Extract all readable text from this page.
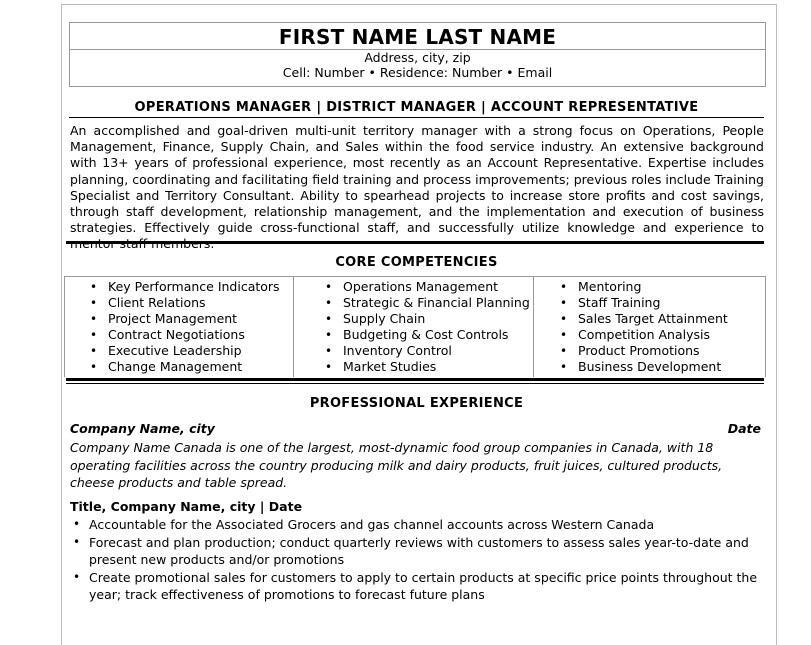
FIRST NAME LAST NAME
Address, city, zip
Cell: Number • Residence: Number • Email
OPERATIONS MANAGER | DISTRICT MANAGER | ACCOUNT REPRESENTATIVE

An accomplished and goal-driven multi-unit territory manager with a strong focus on Operations, People Management, Finance, Supply Chain, and Sales within the food service industry. An extensive background with 13+ years of professional experience, most recently as an Account Representative. Expertise includes planning, coordinating and facilitating field training and process improvements; previous roles include Training Specialist and Territory Consultant. Ability to spearhead projects to increase store profits and cost savings, through staff development, relationship management, and the implementation and execution of business strategies. Effectively guide cross-functional staff, and successfully utilize knowledge and experience to

CORE COMPETENCIES
• Key Performance Indicators
• Client Relations
• Project Management
• Contract Negotiations
• Executive Leadership
• Change Management
• Operations Management
• Strategic & Financial Planning
• Supply Chain
• Budgeting & Cost Controls
• Inventory Control
• Market Studies
• Mentoring
• Staff Training
• Sales Target Attainment
• Competition Analysis
• Product Promotions
• Business Development
PROFESSIONAL EXPERIENCE
Company Name, city	Date

Company Name Canada is one of the largest, most-dynamic food group companies in Canada, with 18 operating facilities across the country producing milk and dairy products, fruit juices, cultured products, cheese products and table spread.

Title, Company Name, city | Date
• Accountable for the Associated Grocers and gas channel accounts across Western Canada
• Forecast and plan production; conduct quarterly reviews with customers to assess sales year-to-date and present new products and/or promotions
• Create promotional sales for customers to apply to certain products at specific price points throughout the year; track effectiveness of promotions to forecast future plans
